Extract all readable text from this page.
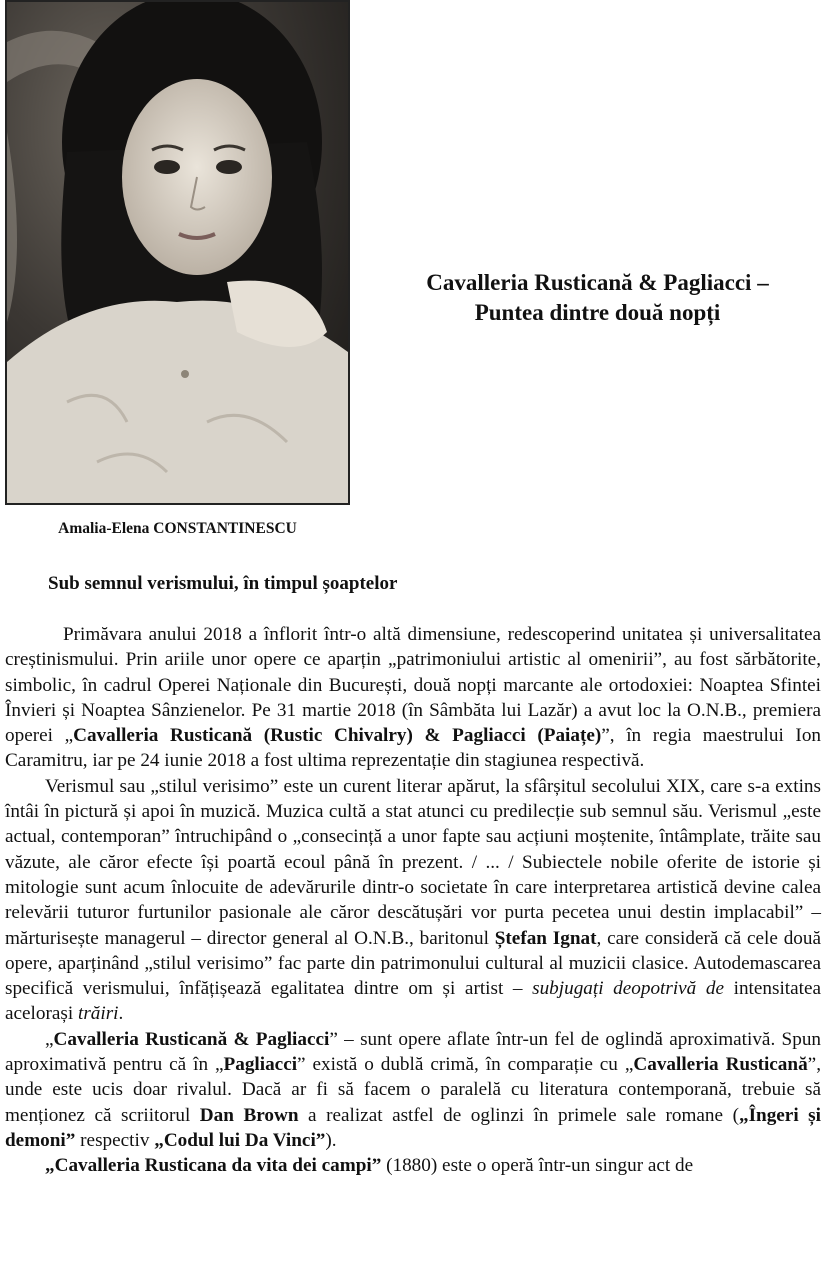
Amalia-Elena CONSTANTINESCU
Cavalleria Rusticană & Pagliacci –
Puntea dintre două nopți
Sub semnul verismului, în timpul șoaptelor

Primăvara anului 2018 a înflorit într-o altă dimensiune, redescoperind unitatea și universalitatea creștinismului. Prin ariile unor opere ce aparțin „patrimoniului artistic al omenirii”, au fost sărbătorite, simbolic, în cadrul Operei Naționale din București, două nopți marcante ale ortodoxiei: Noaptea Sfintei Învieri și Noaptea Sânzienelor. Pe 31 martie 2018 (în Sâmbăta lui Lazăr) a avut loc la O.N.B., premiera operei „Cavalleria Rusticană (Rustic Chivalry) & Pagliacci (Paiațe)”, în regia maestrului Ion Caramitru, iar pe 24 iunie 2018 a fost ultima reprezentație din stagiunea respectivă.

Verismul sau „stilul verisimo” este un curent literar apărut, la sfârșitul secolului XIX, care s-a extins întâi în pictură și apoi în muzică. Muzica cultă a stat atunci cu predilecție sub semnul său. Verismul „este actual, contemporan” întruchipând o „consecință a unor fapte sau acțiuni moștenite, întâmplate, trăite sau văzute, ale căror efecte își poartă ecoul până în prezent. / ... / Subiectele nobile oferite de istorie și mitologie sunt acum înlocuite de adevărurile dintr-o societate în care interpretarea artistică devine calea relevării tuturor furtunilor pasionale ale căror descătușări vor purta pecetea unui destin implacabil” – mărturisește managerul – director general al O.N.B., baritonul Ștefan Ignat, care consideră că cele două opere, aparținând „stilul verisimo” fac parte din patrimonului cultural al muzicii clasice. Autodemascarea specifică verismului, înfățișează egalitatea dintre om și artist – subjugați deopotrivă de intensitatea acelorași trăiri.

„Cavalleria Rusticană & Pagliacci” – sunt opere aflate într-un fel de oglindă aproximativă. Spun aproximativă pentru că în „Pagliacci” există o dublă crimă, în comparație cu „Cavalleria Rusticană”, unde este ucis doar rivalul. Dacă ar fi să facem o paralelă cu literatura contemporană, trebuie să menționez că scriitorul Dan Brown a realizat astfel de oglinzi în primele sale romane („Îngeri și demoni” respectiv „Codul lui Da Vinci”).

„Cavalleria Rusticana da vita dei campi” (1880) este o operă într-un singur act de
